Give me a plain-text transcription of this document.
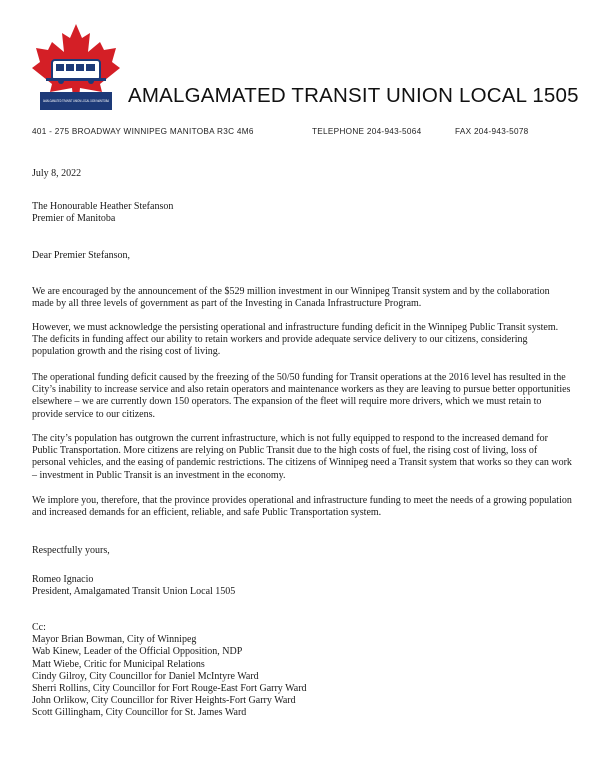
AMALGAMATED TRANSIT UNION LOCAL 1505 MANITOBA AMALGAMATED TRANSIT UNION LOCAL 1505
401 - 275 BROADWAY WINNIPEG MANITOBA R3C 4M6	TELEPHONE 204-943-5064	FAX 204-943-5078
July 8, 2022
The Honourable Heather Stefanson
Premier of Manitoba
Dear Premier Stefanson,

We are encouraged by the announcement of the $529 million investment in our Winnipeg Transit system and by the collaboration made by all three levels of government as part of the Investing in Canada Infrastructure Program.

However, we must acknowledge the persisting operational and infrastructure funding deficit in the Winnipeg Public Transit system. The deficits in funding affect our ability to retain workers and provide adequate service delivery to our citizens, considering population growth and the rising cost of living.

The operational funding deficit caused by the freezing of the 50/50 funding for Transit operations at the 2016 level has resulted in the City’s inability to increase service and also retain operators and maintenance workers as they are leaving to pursue better opportunities elsewhere – we are currently down 150 operators. The expansion of the fleet will require more drivers, which we must retain to provide service to our citizens.

The city’s population has outgrown the current infrastructure, which is not fully equipped to respond to the increased demand for Public Transportation. More citizens are relying on Public Transit due to the high costs of fuel, the rising cost of living, loss of personal vehicles, and the easing of pandemic restrictions. The citizens of Winnipeg need a Transit system that works so they can work – investment in Public Transit is an investment in the economy.

We implore you, therefore, that the province provides operational and infrastructure funding to meet the needs of a growing population and increased demands for an efficient, reliable, and safe Public Transportation system.

Respectfully yours,
Romeo Ignacio
President, Amalgamated Transit Union Local 1505
Cc:
Mayor Brian Bowman, City of Winnipeg
Wab Kinew, Leader of the Official Opposition, NDP
Matt Wiebe, Critic for Municipal Relations
Cindy Gilroy, City Councillor for Daniel McIntyre Ward
Sherri Rollins, City Councillor for Fort Rouge-East Fort Garry Ward
John Orlikow, City Councillor for River Heights-Fort Garry Ward
Scott Gillingham, City Councillor for St. James Ward
